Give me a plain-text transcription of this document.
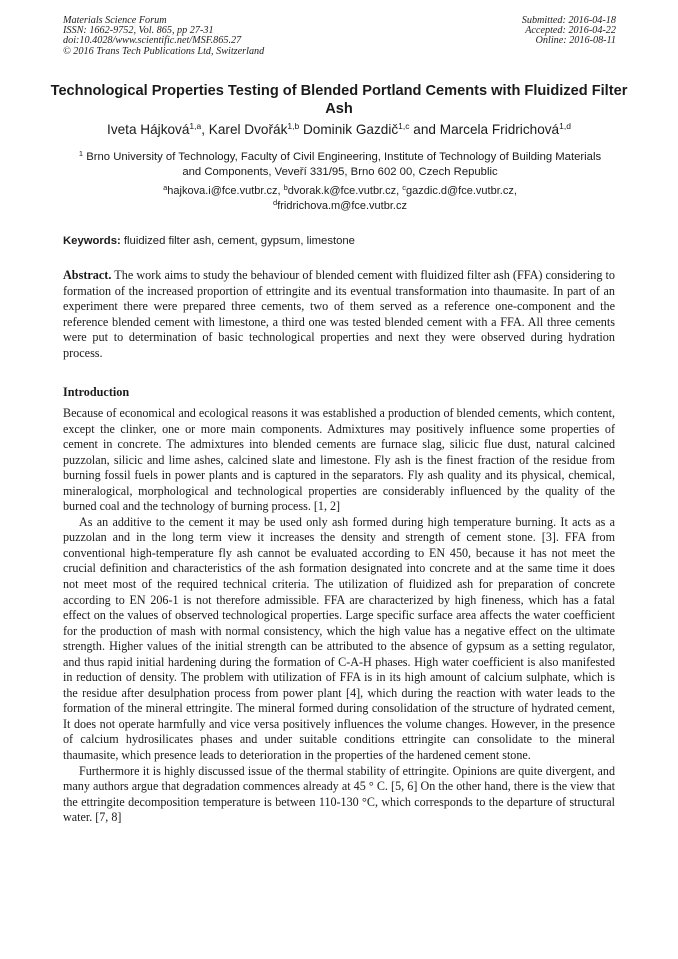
Materials Science Forum
ISSN: 1662-9752, Vol. 865, pp 27-31
doi:10.4028/www.scientific.net/MSF.865.27
© 2016 Trans Tech Publications Ltd, Switzerland
Submitted: 2016-04-18
Accepted: 2016-04-22
Online: 2016-08-11
Technological Properties Testing of Blended Portland Cements with Fluidized Filter Ash
Iveta Hájková$^{1,a}$, Karel Dvořák$^{1,b}$ Dominik Gazdič$^{1,c}$ and Marcela Fridrichová$^{1,d}$
$^1$ Brno University of Technology, Faculty of Civil Engineering, Institute of Technology of Building Materials and Components, Veveří 331/95, Brno 602 00, Czech Republic
$^a$hajkova.i@fce.vutbr.cz, $^b$dvorak.k@fce.vutbr.cz, $^c$gazdic.d@fce.vutbr.cz,
$^d$fridrichova.m@fce.vutbr.cz
Keywords: fluidized filter ash, cement, gypsum, limestone
Abstract. The work aims to study the behaviour of blended cement with fluidized filter ash (FFA) considering to formation of the increased proportion of ettringite and its eventual transformation into thaumasite. In part of an experiment there were prepared three cements, two of them served as a reference one-component and the reference blended cement with limestone, a third one was tested blended cement with a FFA. All three cements were put to determination of basic technological properties and next they were observed during hydration process.
Introduction

Because of economical and ecological reasons it was established a production of blended cements, which content, except the clinker, one or more main components. Admixtures may positively influence some properties of cement in concrete. The admixtures into blended cements are furnace slag, silicic flue dust, natural calcined puzzolan, silicic and lime ashes, calcined slate and limestone. Fly ash is the finest fraction of the residue from burning fossil fuels in power plants and is captured in the separators. Fly ash quality and its physical, chemical, mineralogical, morphological and technological properties are considerably influenced by the quality of the burned coal and the technology of burning process. [1, 2]

As an additive to the cement it may be used only ash formed during high temperature burning. It acts as a puzzolan and in the long term view it increases the density and strength of cement stone. [3]. FFA from conventional high-temperature fly ash cannot be evaluated according to EN 450, because it has not meet the crucial definition and characteristics of the ash formation designated into concrete and at the same time it does not meet most of the required technical criteria. The utilization of fluidized ash for preparation of concrete according to EN 206-1 is not therefore admissible. FFA are characterized by high fineness, which has a fatal effect on the values of observed technological properties. Large specific surface area affects the water coefficient for the production of mash with normal consistency, which the high value has a negative effect on the ultimate strength. Higher values of the initial strength can be attributed to the absence of gypsum as a setting regulator, and thus rapid initial hardening during the formation of C-A-H phases. High water coefficient is also manifested in reduction of density. The problem with utilization of FFA is in its high amount of calcium sulphate, which is the residue after desulphation process from power plant [4], which during the reaction with water leads to the formation of the mineral ettringite. The mineral formed during consolidation of the structure of hydrated cement, It does not operate harmfully and vice versa positively influences the volume changes. However, in the presence of calcium hydrosilicates phases and under suitable conditions ettringite can consolidate to the mineral thaumasite, which presence leads to deterioration in the properties of the hardened cement stone.

Furthermore it is highly discussed issue of the thermal stability of ettringite. Opinions are quite divergent, and many authors argue that degradation commences already at 45 ° C. [5, 6] On the other hand, there is the view that the ettringite decomposition temperature is between 110-130 °C, which corresponds to the departure of structural water. [7, 8]
